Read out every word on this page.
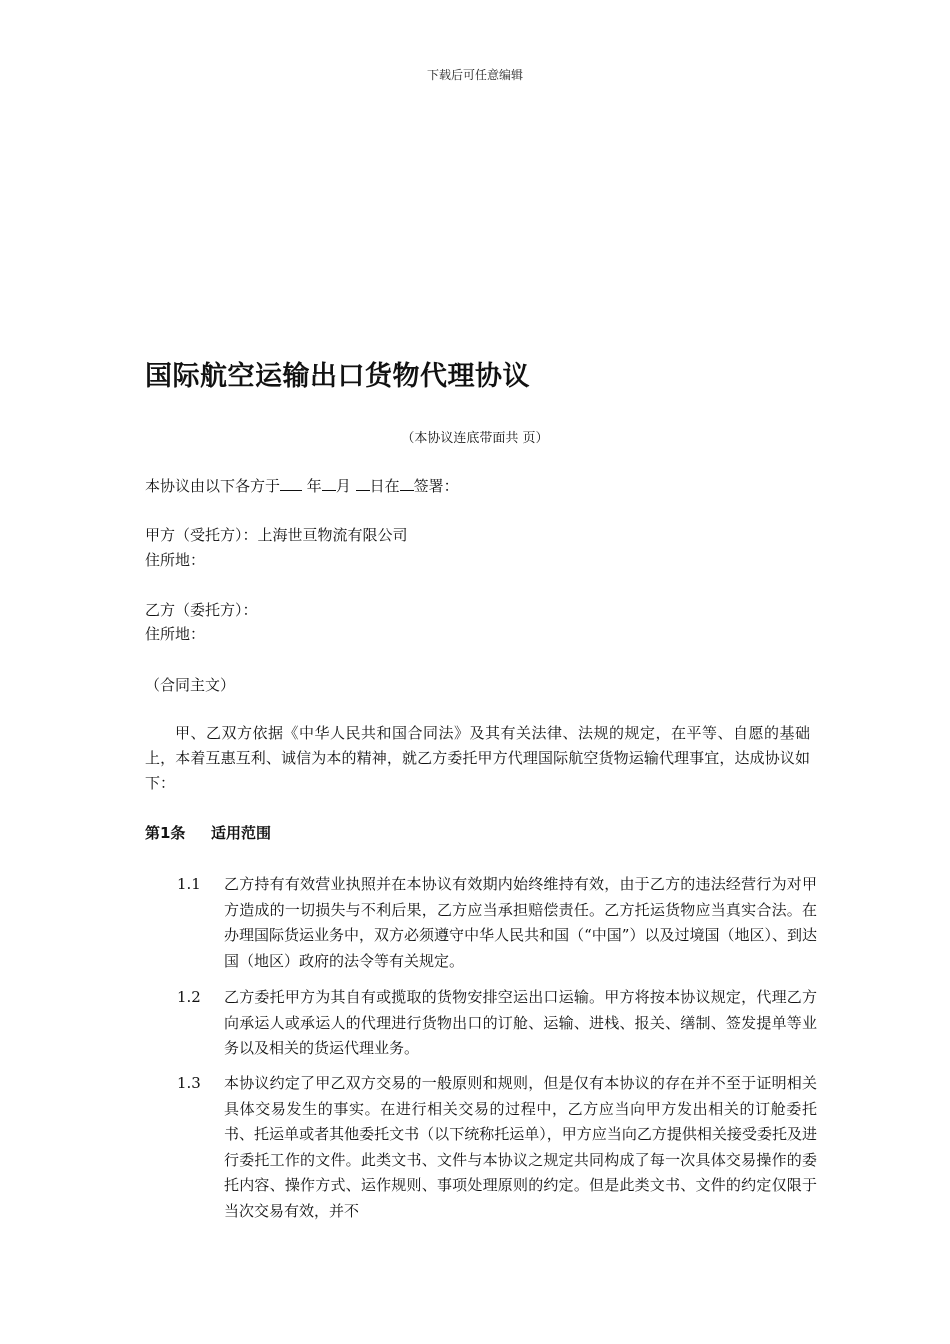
下载后可任意编辑
国际航空运输出口货物代理协议
（本协议连底带面共 页）
本协议由以下各方于 年 月 日在 签署：
甲方（受托方）：上海世亘物流有限公司
住所地：
乙方（委托方）：
住所地：
（合同主文）
甲、乙双方依据《中华人民共和国合同法》及其有关法律、法规的规定，在平等、自愿的基础上，本着互惠互利、诚信为本的精神，就乙方委托甲方代理国际航空货物运输代理事宜，达成协议如下：
第1条 适用范围
1.1	乙方持有有效营业执照并在本协议有效期内始终维持有效，由于乙方的违法经营行为对甲方造成的一切损失与不利后果，乙方应当承担赔偿责任。乙方托运货物应当真实合法。在办理国际货运业务中，双方必须遵守中华人民共和国（“中国”）以及过境国（地区）、到达国（地区）政府的法令等有关规定。
1.2	乙方委托甲方为其自有或揽取的货物安排空运出口运输。甲方将按本协议规定，代理乙方向承运人或承运人的代理进行货物出口的订舱、运输、进栈、报关、缮制、签发提单等业务以及相关的货运代理业务。
1.3	本协议约定了甲乙双方交易的一般原则和规则，但是仅有本协议的存在并不至于证明相关具体交易发生的事实。在进行相关交易的过程中，乙方应当向甲方发出相关的订舱委托书、托运单或者其他委托文书（以下统称托运单），甲方应当向乙方提供相关接受委托及进行委托工作的文件。此类文书、文件与本协议之规定共同构成了每一次具体交易操作的委托内容、操作方式、运作规则、事项处理原则的约定。但是此类文书、文件的约定仅限于当次交易有效，并不
